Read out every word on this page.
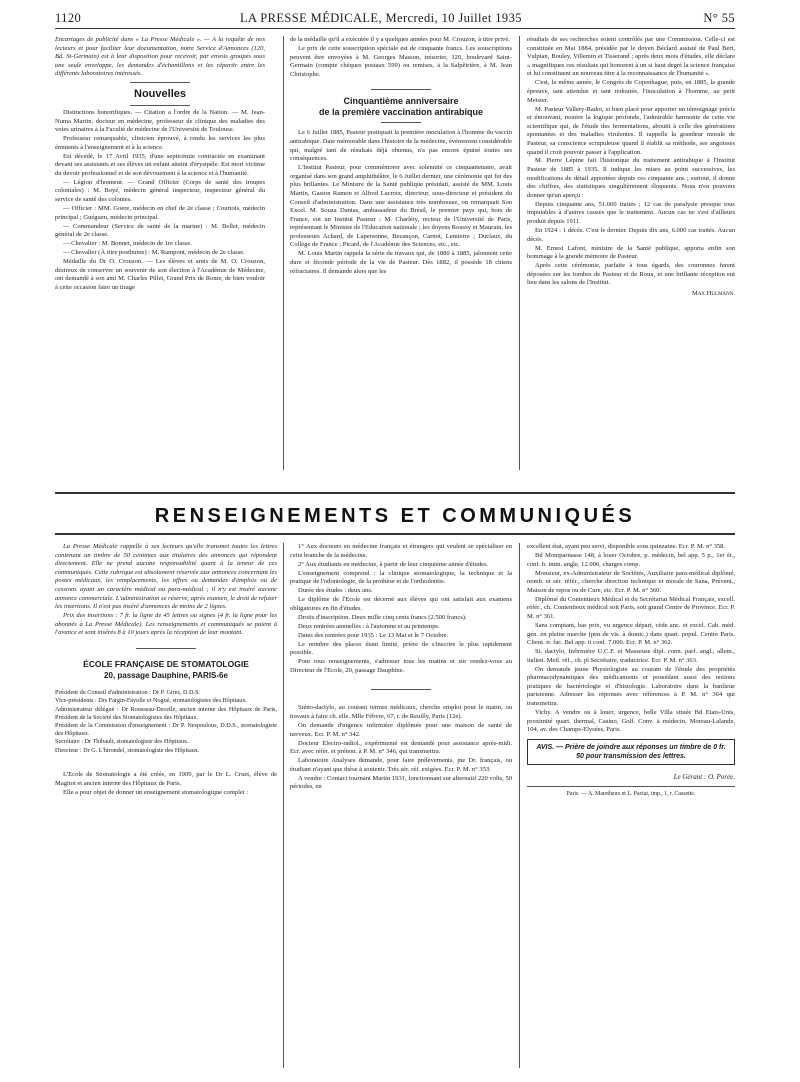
1120	LA PRESSE MÉDICALE, Mercredi, 10 Juillet 1935	N° 55

Encartages de publicité dans « La Presse Médicale ». — A la requête de nos lecteurs et pour faciliter leur documentation, notre Service d'Annonces (120, Bd. St-Germain) est à leur disposition pour recevoir, par envois groupés sous une seule enveloppe, les demandes d'échantillons et les répartir entre les différents laboratoires intéressés.

Nouvelles

Distinctions honorifiques. — Citation a l'ordre de la Nation. — M. Jean-Numa Martin, docteur en médecine, professeur de clinique des maladies des voies urinaires à la Faculté de médecine de l'Université de Toulouse.

Professeur remarquable, clinicien éprouvé, à rendu les services les plus éminents à l'enseignement et à la science.

Est décédé, le 17 Avril 1935, d'une septicémie contractée en examinant devant ses assistants et ses élèves un enfant atteint d'érysipèle. Est mort victime du devoir professionnel et de son dévouement à la science et à l'humanité.

— Légion d'honneur. — Grand Officier (Corps de santé des troupes coloniales) : M. Boyé, médecin général inspecteur, inspecteur général du service de santé des colonies.

— Officier : MM. Goere, médecin en chef de 2e classe ; Courtois, médecin principal ; Guéguen, médecin principal.

— Commandeur (Service de santé de la marine) : M. Bellet, médecin général de 2e classe.

— Chevalier : M. Bonnet, médecin de 1re classe.

— Chevalier (À titre posthume) : M. Rampont, médecin de 2e classe.

Médaille du Dr O. Crouzon. — Les élèves et amis de M. O. Crouzon, désireux de conserver un souvenir de son élection à l'Académie de Médecine, ont demandé à son ami M. Charles Pillet, Grand Prix de Rome, de bien vouloir à cette occasion faire un tirage

de la médaille qu'il a exécutée il y a quelques années pour M. Crouzon, à titre privé.

Le prix de cette souscription spéciale est de cinquante francs. Les souscriptions peuvent être envoyées à M. Georges Masson, trésorier, 120, boulevard Saint-Germain (compte chèques postaux 599) ou remises, à la Salpêtrière, à M. Jean Christophe.

Cinquantième anniversaire
de la première vaccination antirabique

Le 6 Juillet 1885, Pasteur pratiquait la première inoculation à l'homme du vaccin antirabique. Date mémorable dans l'histoire de la médecine, événement considérable qui, malgré tant de résultats déjà obtenus, n'a pas encore épuisé toutes ses conséquences.

L'Institut Pasteur, pour commémorer avec solennité ce cinquantenaire, avait organisé dans son grand amphithéâtre, le 6 Juillet dernier, une cérémonie qui fut des plus brillantes. Le Ministre de la Santé publique présidait, assisté de MM. Louis Martin, Gaston Ramon et Alfred Lacroix, directeur, sous-directeur et président du Conseil d'administration. Dans une assistance très nombreuse, on remarquait Son Excel. M. Souza Dantas, ambassadeur du Brésil, le premier pays qui, hors de France, eut un Institut Pasteur ; M. Charléty, recteur de l'Université de Paris, représentant le Ministre de l'Education nationale ; les doyens Roussy et Maurain, les professeurs Achard, de Lapersonne, Bezançon, Carnot, Lemierre ; Duclaux, du Collège de France ; Picard, de l'Académie des Sciences, etc., etc.

M. Louis Martin rappela la série de travaux qui, de 1880 à 1885, jalonnent cette dure et féconde période de la vie de Pasteur. Dès 1882, il possède 18 chiens réfractaires. Il demande alors que les

résultats de ses recherches soient contrôlés par une Commission. Celle-ci est constituée en Mai 1884, présidée par le doyen Béclard assisté de Paul Bert, Vulpian, Bouley, Villemin et Tisserand ; après deux mois d'études, elle déclare « magnifiques ces résultats qui honorent à un si haut degré la science française et lui constituent un nouveau titre à la reconnaissance de l'humanité ».

C'est, la même année, le Congrès de Copenhague, puis, en 1885, la grande épreuve, tant attendue et tant redoutée, l'inoculation à l'homme, au petit Meister.

M. Pasteur Vallery-Radot, si bien placé pour apporter un témoignage précis et émouvant, montre la logique profonde, l'admirable harmonie de cette vie scientifique qui, de l'étude des fermentations, aboutit à celle des générations spontanées et des maladies virulentes. Il rappelle la grandeur morale de Pasteur, sa conscience scrupuleuse quand il établit sa méthode, ses angoisses quand il croit pouvoir passer à l'application.

M. Pierre Lépine fait l'historique du traitement antirabique à l'Institut Pasteur de 1885 à 1935. Il indique les mises au point successives, les modifications de détail apportées depuis ces cinquante ans ; surtout, il donne des chiffres, des statistiques singulièrement éloquents. Nous n'en pouvons donner qu'un aperçu :

Depuis cinquante ans, 51.600 traités ; 12 cas de paralysie presque tous imputables à d'autres causes que le traitement. Aucun cas ne s'est d'ailleurs produit depuis 1911.

En 1924 : 1 décès. C'est le dernier. Depuis dix ans, 6.000 cas traités. Aucun décès.

M. Ernest Lafont, ministre de la Santé publique, apporta enfin son hommage à la grande mémoire de Pasteur.

Après cette cérémonie, parfaite à tous égards, des couronnes furent déposées sur les tombes de Pasteur et de Roux, et une brillante réception eut lieu dans les salons de l'Institut.

Max Hulmann.

RENSEIGNEMENTS ET COMMUNIQUÉS

La Presse Médicale rappelle à ses lecteurs qu'elle transmet toutes les lettres contenant un timbre de 50 centimes aux titulaires des annonces qui répondent directement. Elle ne prend aucune responsabilité quant à la teneur de ces communiqués. Cette rubrique est absolument réservée aux annonces concernant les postes médicaux, les remplacements, les offres ou demandes d'emplois ou de cessions ayant un caractère médical ou para-médical ; il n'y est inséré aucune annonce commerciale. L'administration se réserve, après examen, le droit de refuser les insertions. Il n'est pas inséré d'annonces de moins de 2 lignes.

Prix des insertions : 7 fr. la ligne de 45 lettres ou signes (4 fr. la ligne pour les abonnés à La Presse Médicale). Les renseignements et communiqués se paient à l'avance et sont insérés 8 à 10 jours après la réception de leur montant.

ÉCOLE FRANÇAISE DE STOMATOLOGIE
20, passage Dauphine, PARIS-6e

Président du Conseil d'administration : Dr P. Gires, D.D.S.

Vice-présidents : Drs Fargin-Fayolle et Nogué, stomatologistes des Hôpitaux.

Administrateur délégué : Dr Rousseau-Decelle, ancien interne des Hôpitaux de Paris, Président de la Société des Stomatologistes des Hôpitaux.

Président de la Commission d'enseignement : Dr P. Nespoulous, D.D.S., stomatologiste des Hôpitaux.

Secrétaire : Dr Thibault, stomatologiste des Hôpitaux.

Directeur : Dr G. L'hirondel, stomatologiste des Hôpitaux.

L'Ecole de Stomatologie a été créée, en 1909, par le Dr L. Cruet, élève de Magitot et ancien interne des Hôpitaux de Paris.

Elle a pour objet de donner un enseignement stomatologique complet :

1° Aux docteurs en médecine français et étrangers qui veulent se spécialiser en cette branche de la médecine.

2° Aux étudiants en médecine, à partir de leur cinquième année d'études.

L'enseignement comprend : la clinique stomatologique, la technique et la pratique de l'odontologie, de la prothèse et de l'orthodontie.

Durée des études : deux ans.

Le diplôme de l'Ecole est décerné aux élèves qui ont satisfait aux examens obligatoires en fin d'études.

Droits d'inscription. Deux mille cinq cents francs (2.500 francs).

Deux rentrées annuelles : à l'automne et au printemps.

Dates des rentrées pour 1935 : Le 13 Mai et le 7 Octobre.

Le nombre des places étant limité, prière de s'inscrire le plus rapidement possible.

Pour tous renseignements, s'adresser tous les matins et sur rendez-vous au Directeur de l'Ecole, 20, passage Dauphine.

Sténo-dactylo, au courant termes médicaux, cherche emploi pour le matin, ou travaux à faire ch. elle. Mlle Fèbvre, 67, r. de Reuilly, Paris (12e).

On demande d'urgence infirmière diplômée pour une maison de santé de nerveux. Ecr. P. M. n° 342.

Docteur Electro-radiol., expérimenté est demandé pour assistance après-midi. Ecr. avec référ. et prétent. à P. M. n° 346, qui transmettra.

Laboratoire Analyses demande, pour faire prélèvements, jne Dr. français, ou étudiant n'ayant que thèse à soutenir. Très sér. réf. exigées. Ecr. P. M. n° 353.

A vendre : Contact tournant Martin 1931, fonctionnant sur alternatif 220 volts, 50 périodes, en

excellent état, ayant peu servi, disponible sous quinzaine. Ecr. P. M. n° 358.

Bd Montparnasse 148, à louer Octobre, p. médecin, bel app. 5 p., 1er ét., conf. b. imm. angle, 12.000, charges comp.

Monsieur, ex-Administrateur de Sociétés, Auxiliaire para-médical diplômé, nomb. et sér. référ., cherche direction technique et morale de Sana, Prévent., Maison de repos ou de Cure, etc. Ecr. P. M. n° 360.

Diplômé du Contentieux Médical et du Secrétariat Médical Français, excell. référ., ch. Contentieux médical soit Paris, soit grand Centre de Province. Ecr. P. M. n° 361.

Sans comptant, bas prix, vu urgence départ, cède anc. et excel. Cab. méd. gén. en pleine marche (pen de vis. à domic.) dans quart. popul. Centre Paris. Client. tr. fac. Bel app. tt conf. 7.000. Ecr. P. M. n° 362.

St. dactylo, Infirmière U.C.F. et Masseuse dipl. conn. parf. angl., allem., italien. Meil. réf., ch. pl Secrétaire, traductrice. Ecr. P. M. n° 363.

On demande jeune Physiologiste au courant de l'étude des propriétés pharmacodynamiques des médicaments et possédant aussi des notions pratiques de bactériologie et d'histologie. Laboratoire dans la banlieue parisienne. Adresser les réponses avec références à P. M. n° 364 qui transmettra.

Vichy. A vendre ou à louer, urgence, belle Villa située Bd Etats-Unis, proximité quart. thermal, Casino, Golf. Conv. à médecin. Moreau-Lalande, 104, av. des Champs-Elysées, Paris.

AVIS. — Prière de joindre aux réponses un timbre de 0 fr. 50 pour transmission des lettres.

Le Gérant : O. Porée.

Paris. — A. Maretheux et L. Pactat, imp., 1, r. Cassette.
